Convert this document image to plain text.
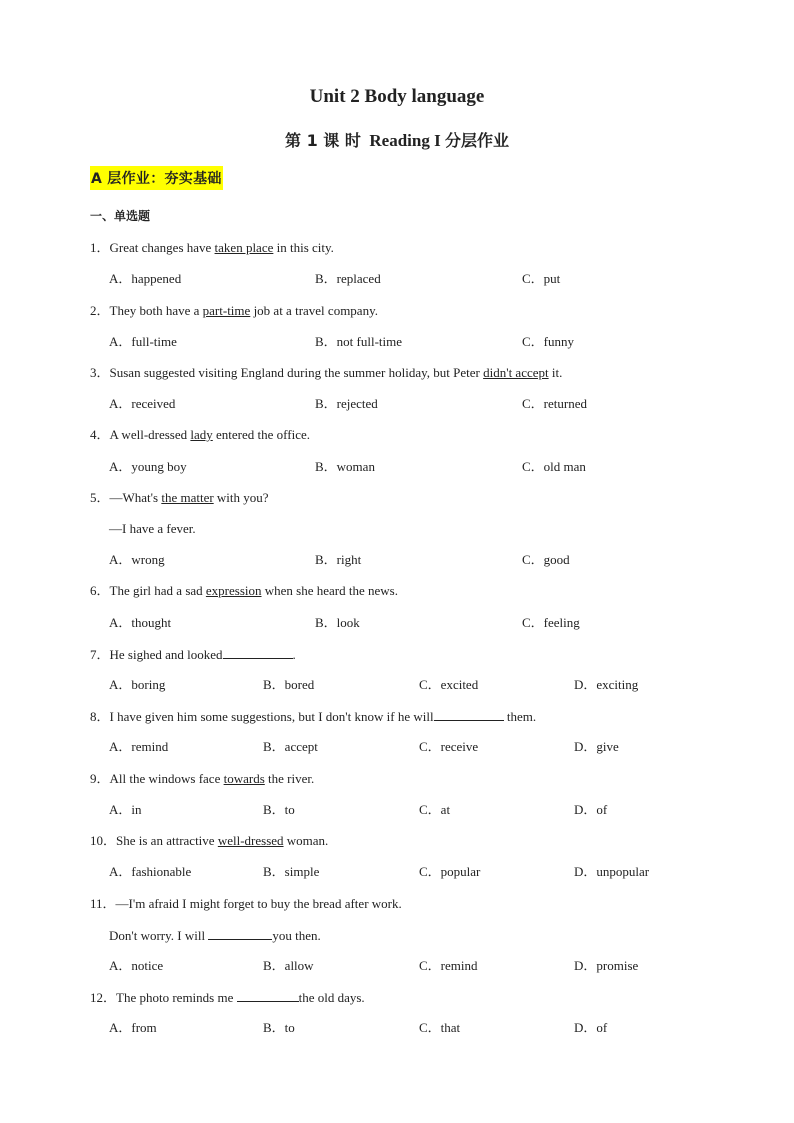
Unit 2 Body language
第 1 课 时 Reading I 分层作业
A 层作业：夯实基础
一、单选题
1．Great changes have taken place in this city.
A．happened	B．replaced	C．put
2．They both have a part-time job at a travel company.
A．full-time	B．not full-time	C．funny
3．Susan suggested visiting England during the summer holiday, but Peter didn't accept it.
A．received	B．rejected	C．returned
4．A well-dressed lady entered the office.
A．young boy	B．woman	C．old man
5．—What's the matter with you?
—I have a fever.
A．wrong	B．right	C．good
6．The girl had a sad expression when she heard the news.
A．thought	B．look	C．feeling
7．He sighed and looked	.
A．boring	B．bored	C．excited	D．exciting
8．I have given him some suggestions, but I don't know if he will	them.
A．remind	B．accept	C．receive	D．give
9．All the windows face towards the river.
A．in	B．to	C．at	D．of
10．She is an attractive well-dressed woman.
A．fashionable	B．simple	C．popular	D．unpopular
11．—I'm afraid I might forget to buy the bread after work.
Don't worry. I will	you then.
A．notice	B．allow	C．remind	D．promise
12．The photo reminds me	the old days.
A．from	B．to	C．that	D．of
